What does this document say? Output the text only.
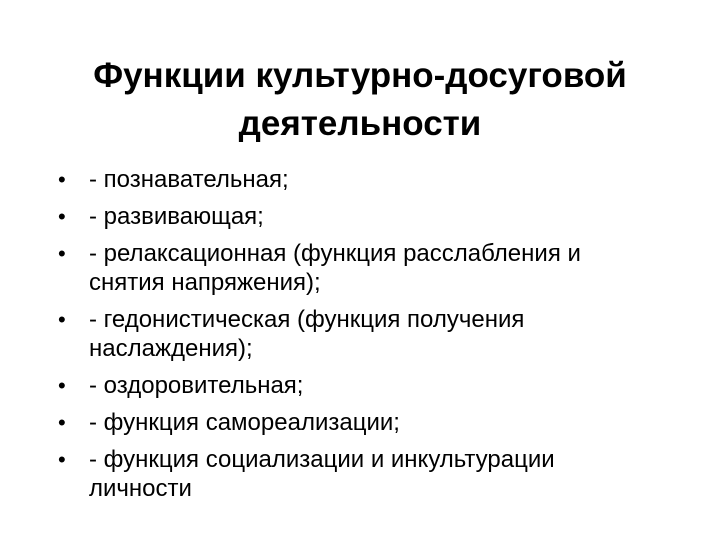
Функции культурно-досуговой
деятельности
• - познавательная;
• - развивающая;
• - релаксационная (функция расслабления и снятия напряжения);
• - гедонистическая (функция получения наслаждения);
• - оздоровительная;
• - функция самореализации;
• - функция социализации и инкультурации личности
